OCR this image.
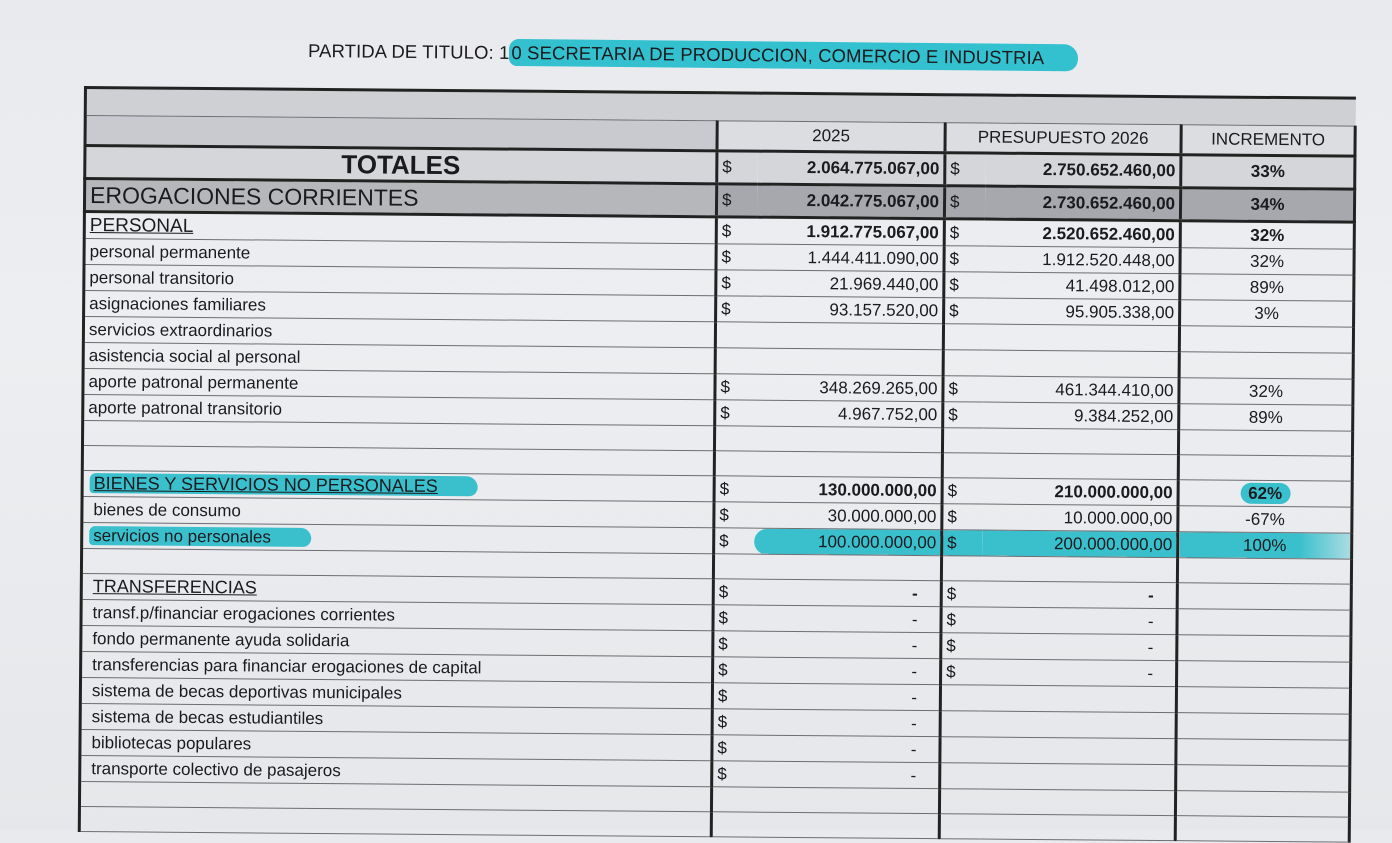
PARTIDA DE TITULO: 10 SECRETARIA DE PRODUCCION, COMERCIO E INDUSTRIA

	2025		PRESUPUESTO 2026		INCREMENTO
TOTALES	$	2.064.775.067,00	$	2.750.652.460,00	33%
EROGACIONES CORRIENTES	$	2.042.775.067,00	$	2.730.652.460,00	34%
PERSONAL	$	1.912.775.067,00	$	2.520.652.460,00	32%
personal permanente	$	1.444.411.090,00	$	1.912.520.448,00	32%
personal transitorio	$	21.969.440,00	$	41.498.012,00	89%
asignaciones familiares	$	93.157.520,00	$	95.905.338,00	3%
servicios extraordinarios					
asistencia social al personal					
aporte patronal permanente	$	348.269.265,00	$	461.344.410,00	32%
aporte patronal transitorio	$	4.967.752,00	$	9.384.252,00	89%

BIENES Y SERVICIOS NO PERSONALES	$	130.000.000,00	$	210.000.000,00	62%
bienes de consumo	$	30.000.000,00	$	10.000.000,00	-67%
servicios no personales	$	100.000.000,00	$	200.000.000,00	100%

TRANSFERENCIAS	$	-	$	-	
transf.p/financiar erogaciones corrientes	$	-	$	-	
fondo permanente ayuda solidaria	$	-	$	-	
transferencias para financiar erogaciones de capital	$	-	$	-	
sistema de becas deportivas municipales	$	-			
sistema de becas estudiantiles	$	-			
bibliotecas populares	$	-			
transporte colectivo de pasajeros	$	-			
